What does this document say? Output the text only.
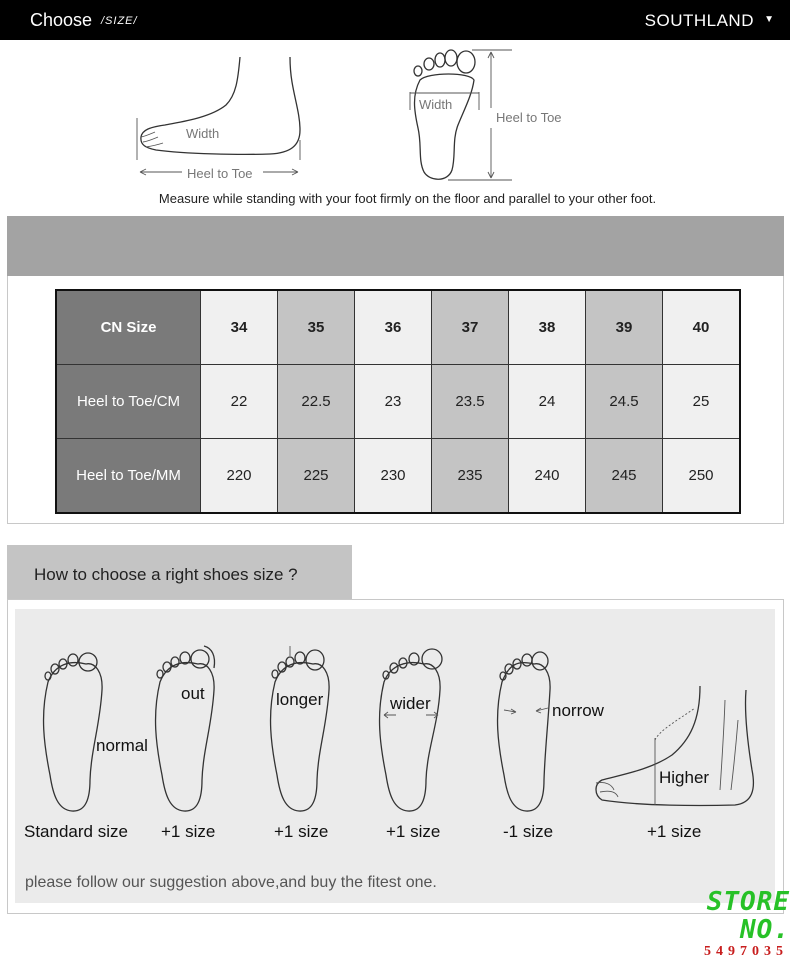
Choose /SIZE/	SOUTHLAND ▼
Width
Heel to Toe
Width
Heel to Toe
Measure while standing with your foot firmly on the floor and parallel to your other foot.
CN Size	34	35	36	37	38	39	40
Heel to Toe/CM	22	22.5	23	23.5	24	24.5	25
Heel to Toe/MM	220	225	230	235	240	245	250
How to choose a right shoes size ?
normal
out	longer	wider	norrow
Higher
Standard size +1 size	+1 size	+1 size	-1 size	+1 size
please follow our suggestion above,and buy the fitest one.
STORE NO.
5497035
